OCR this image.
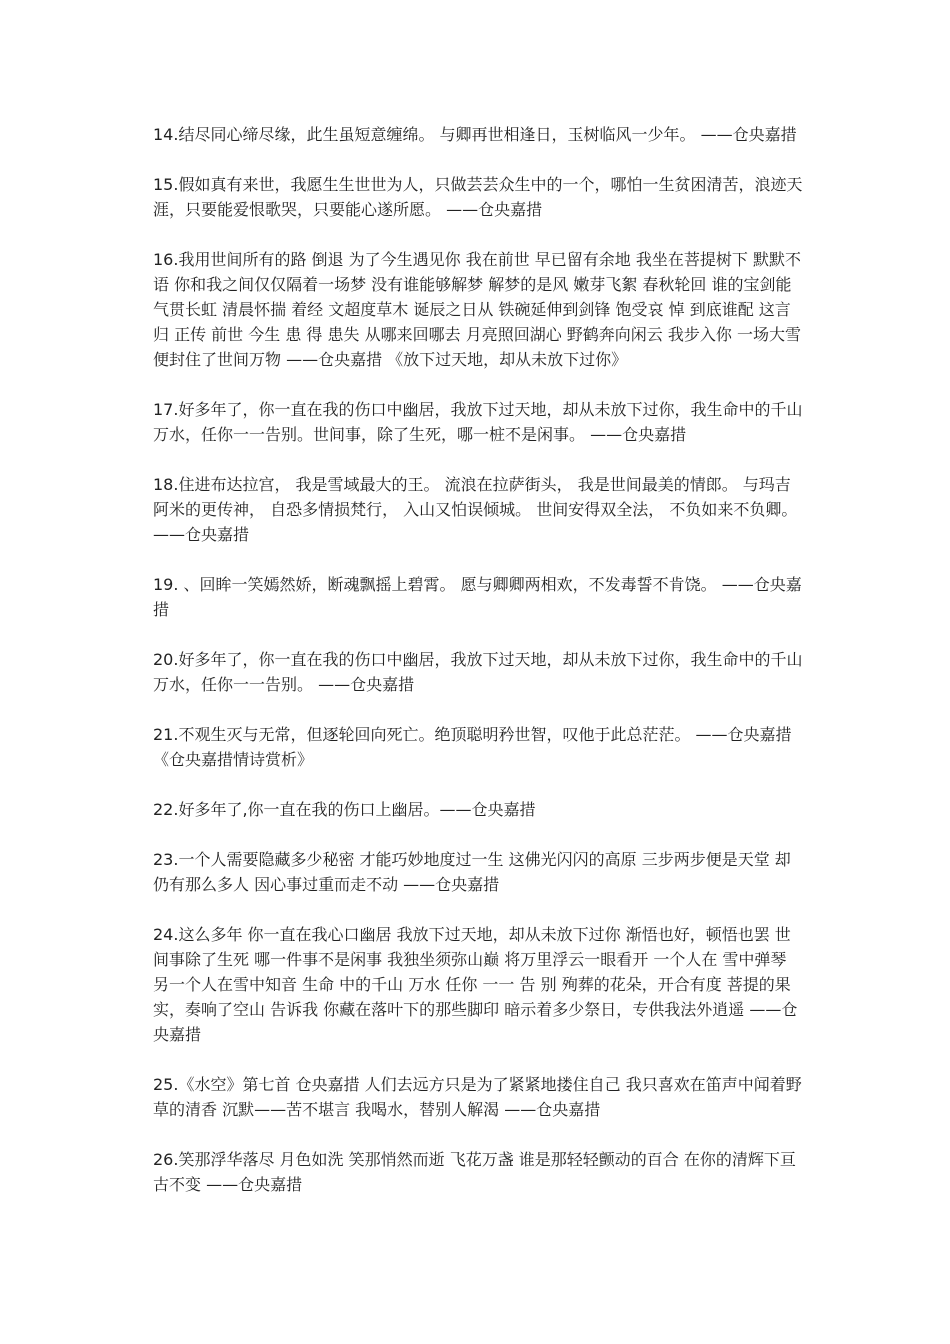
14.结尽同心缔尽缘，此生虽短意缠绵。 与卿再世相逢日，玉树临风一少年。 ——仓央嘉措

15.假如真有来世，我愿生生世世为人，只做芸芸众生中的一个，哪怕一生贫困清苦，浪迹天涯，只要能爱恨歌哭，只要能心遂所愿。 ——仓央嘉措

16.我用世间所有的路 倒退 为了今生遇见你 我在前世 早已留有余地 我坐在菩提树下 默默不语 你和我之间仅仅隔着一场梦 没有谁能够解梦 解梦的是风 嫩芽飞絮 春秋轮回 谁的宝剑能气贯长虹 清晨怀揣 着经 文超度草木 诞辰之日从 铁碗延伸到剑锋 饱受哀 悼 到底谁配 这言归 正传 前世 今生 患 得 患失 从哪来回哪去 月亮照回湖心 野鹤奔向闲云 我步入你 一场大雪便封住了世间万物 ——仓央嘉措 《放下过天地，却从未放下过你》

17.好多年了，你一直在我的伤口中幽居，我放下过天地，却从未放下过你，我生命中的千山万水，任你一一告别。世间事，除了生死，哪一桩不是闲事。 ——仓央嘉措

18.住进布达拉宫， 我是雪域最大的王。 流浪在拉萨街头， 我是世间最美的情郎。 与玛吉阿米的更传神， 自恐多情损梵行， 入山又怕误倾城。 世间安得双全法， 不负如来不负卿。 ——仓央嘉措

19. 、回眸一笑嫣然娇，断魂飘摇上碧霄。 愿与卿卿两相欢，不发毒誓不肯饶。 ——仓央嘉措

20.好多年了，你一直在我的伤口中幽居，我放下过天地，却从未放下过你，我生命中的千山万水，任你一一告别。 ——仓央嘉措

21.不观生灭与无常，但逐轮回向死亡。绝顶聪明矜世智，叹他于此总茫茫。 ——仓央嘉措 《仓央嘉措情诗赏析》

22.好多年了,你一直在我的伤口上幽居。——仓央嘉措

23.一个人需要隐藏多少秘密 才能巧妙地度过一生 这佛光闪闪的高原 三步两步便是天堂 却仍有那么多人 因心事过重而走不动 ——仓央嘉措

24.这么多年 你一直在我心口幽居 我放下过天地，却从未放下过你 渐悟也好，顿悟也罢 世间事除了生死 哪一件事不是闲事 我独坐须弥山巅 将万里浮云一眼看开 一个人在 雪中弹琴 另一个人在雪中知音 生命 中的千山 万水 任你 一一 告 别 殉葬的花朵，开合有度 菩提的果实，奏响了空山 告诉我 你藏在落叶下的那些脚印 暗示着多少祭日，专供我法外逍遥 ——仓央嘉措

25.《水空》第七首 仓央嘉措 人们去远方只是为了紧紧地搂住自己 我只喜欢在笛声中闻着野草的清香 沉默——苦不堪言 我喝水，替别人解渴 ——仓央嘉措

26.笑那浮华落尽 月色如洗 笑那悄然而逝 飞花万盏 谁是那轻轻颤动的百合 在你的清辉下亘古不变 ——仓央嘉措
